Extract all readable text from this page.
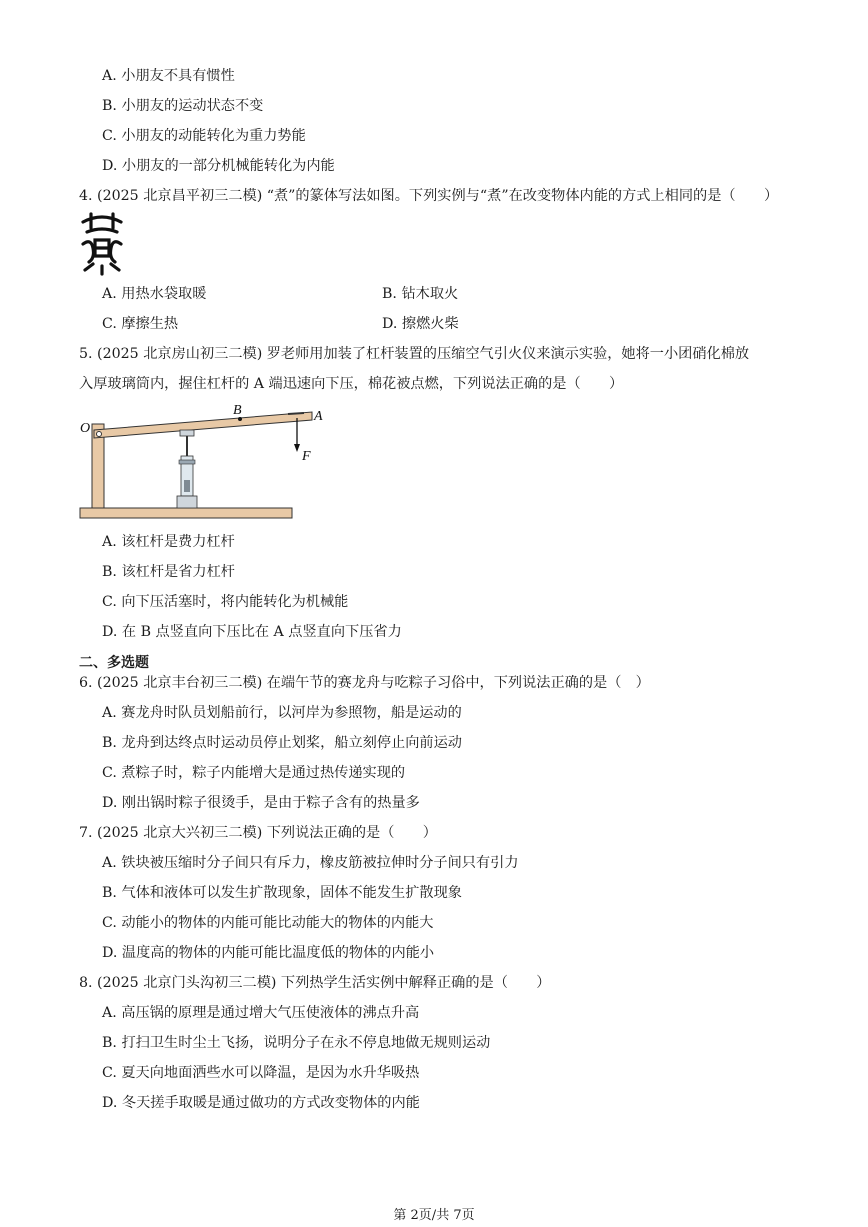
A. 小朋友不具有惯性
B. 小朋友的运动状态不变
C. 小朋友的动能转化为重力势能
D. 小朋友的一部分机械能转化为内能
4. (2025 北京昌平初三二模) “煮”的篆体写法如图。下列实例与“煮”在改变物体内能的方式上相同的是（　　）
A. 用热水袋取暖	B. 钻木取火
C. 摩擦生热	D. 擦燃火柴
5. (2025 北京房山初三二模) 罗老师用加装了杠杆装置的压缩空气引火仪来演示实验，她将一小团硝化棉放
入厚玻璃筒内，握住杠杆的 A 端迅速向下压，棉花被点燃，下列说法正确的是（　　）
O
B	A
F
A. 该杠杆是费力杠杆
B. 该杠杆是省力杠杆
C. 向下压活塞时，将内能转化为机械能
D. 在 B 点竖直向下压比在 A 点竖直向下压省力
二、多选题
6. (2025 北京丰台初三二模) 在端午节的赛龙舟与吃粽子习俗中，下列说法正确的是（　）
A. 赛龙舟时队员划船前行，以河岸为参照物，船是运动的
B. 龙舟到达终点时运动员停止划桨，船立刻停止向前运动
C. 煮粽子时，粽子内能增大是通过热传递实现的
D. 刚出锅时粽子很烫手，是由于粽子含有的热量多
7. (2025 北京大兴初三二模) 下列说法正确的是（　　）
A. 铁块被压缩时分子间只有斥力，橡皮筋被拉伸时分子间只有引力
B. 气体和液体可以发生扩散现象，固体不能发生扩散现象
C. 动能小的物体的内能可能比动能大的物体的内能大
D. 温度高的物体的内能可能比温度低的物体的内能小
8. (2025 北京门头沟初三二模) 下列热学生活实例中解释正确的是（　　）
A. 高压锅的原理是通过增大气压使液体的沸点升高
B. 打扫卫生时尘土飞扬，说明分子在永不停息地做无规则运动
C. 夏天向地面洒些水可以降温，是因为水升华吸热
D. 冬天搓手取暖是通过做功的方式改变物体的内能
第 2页/共 7页
